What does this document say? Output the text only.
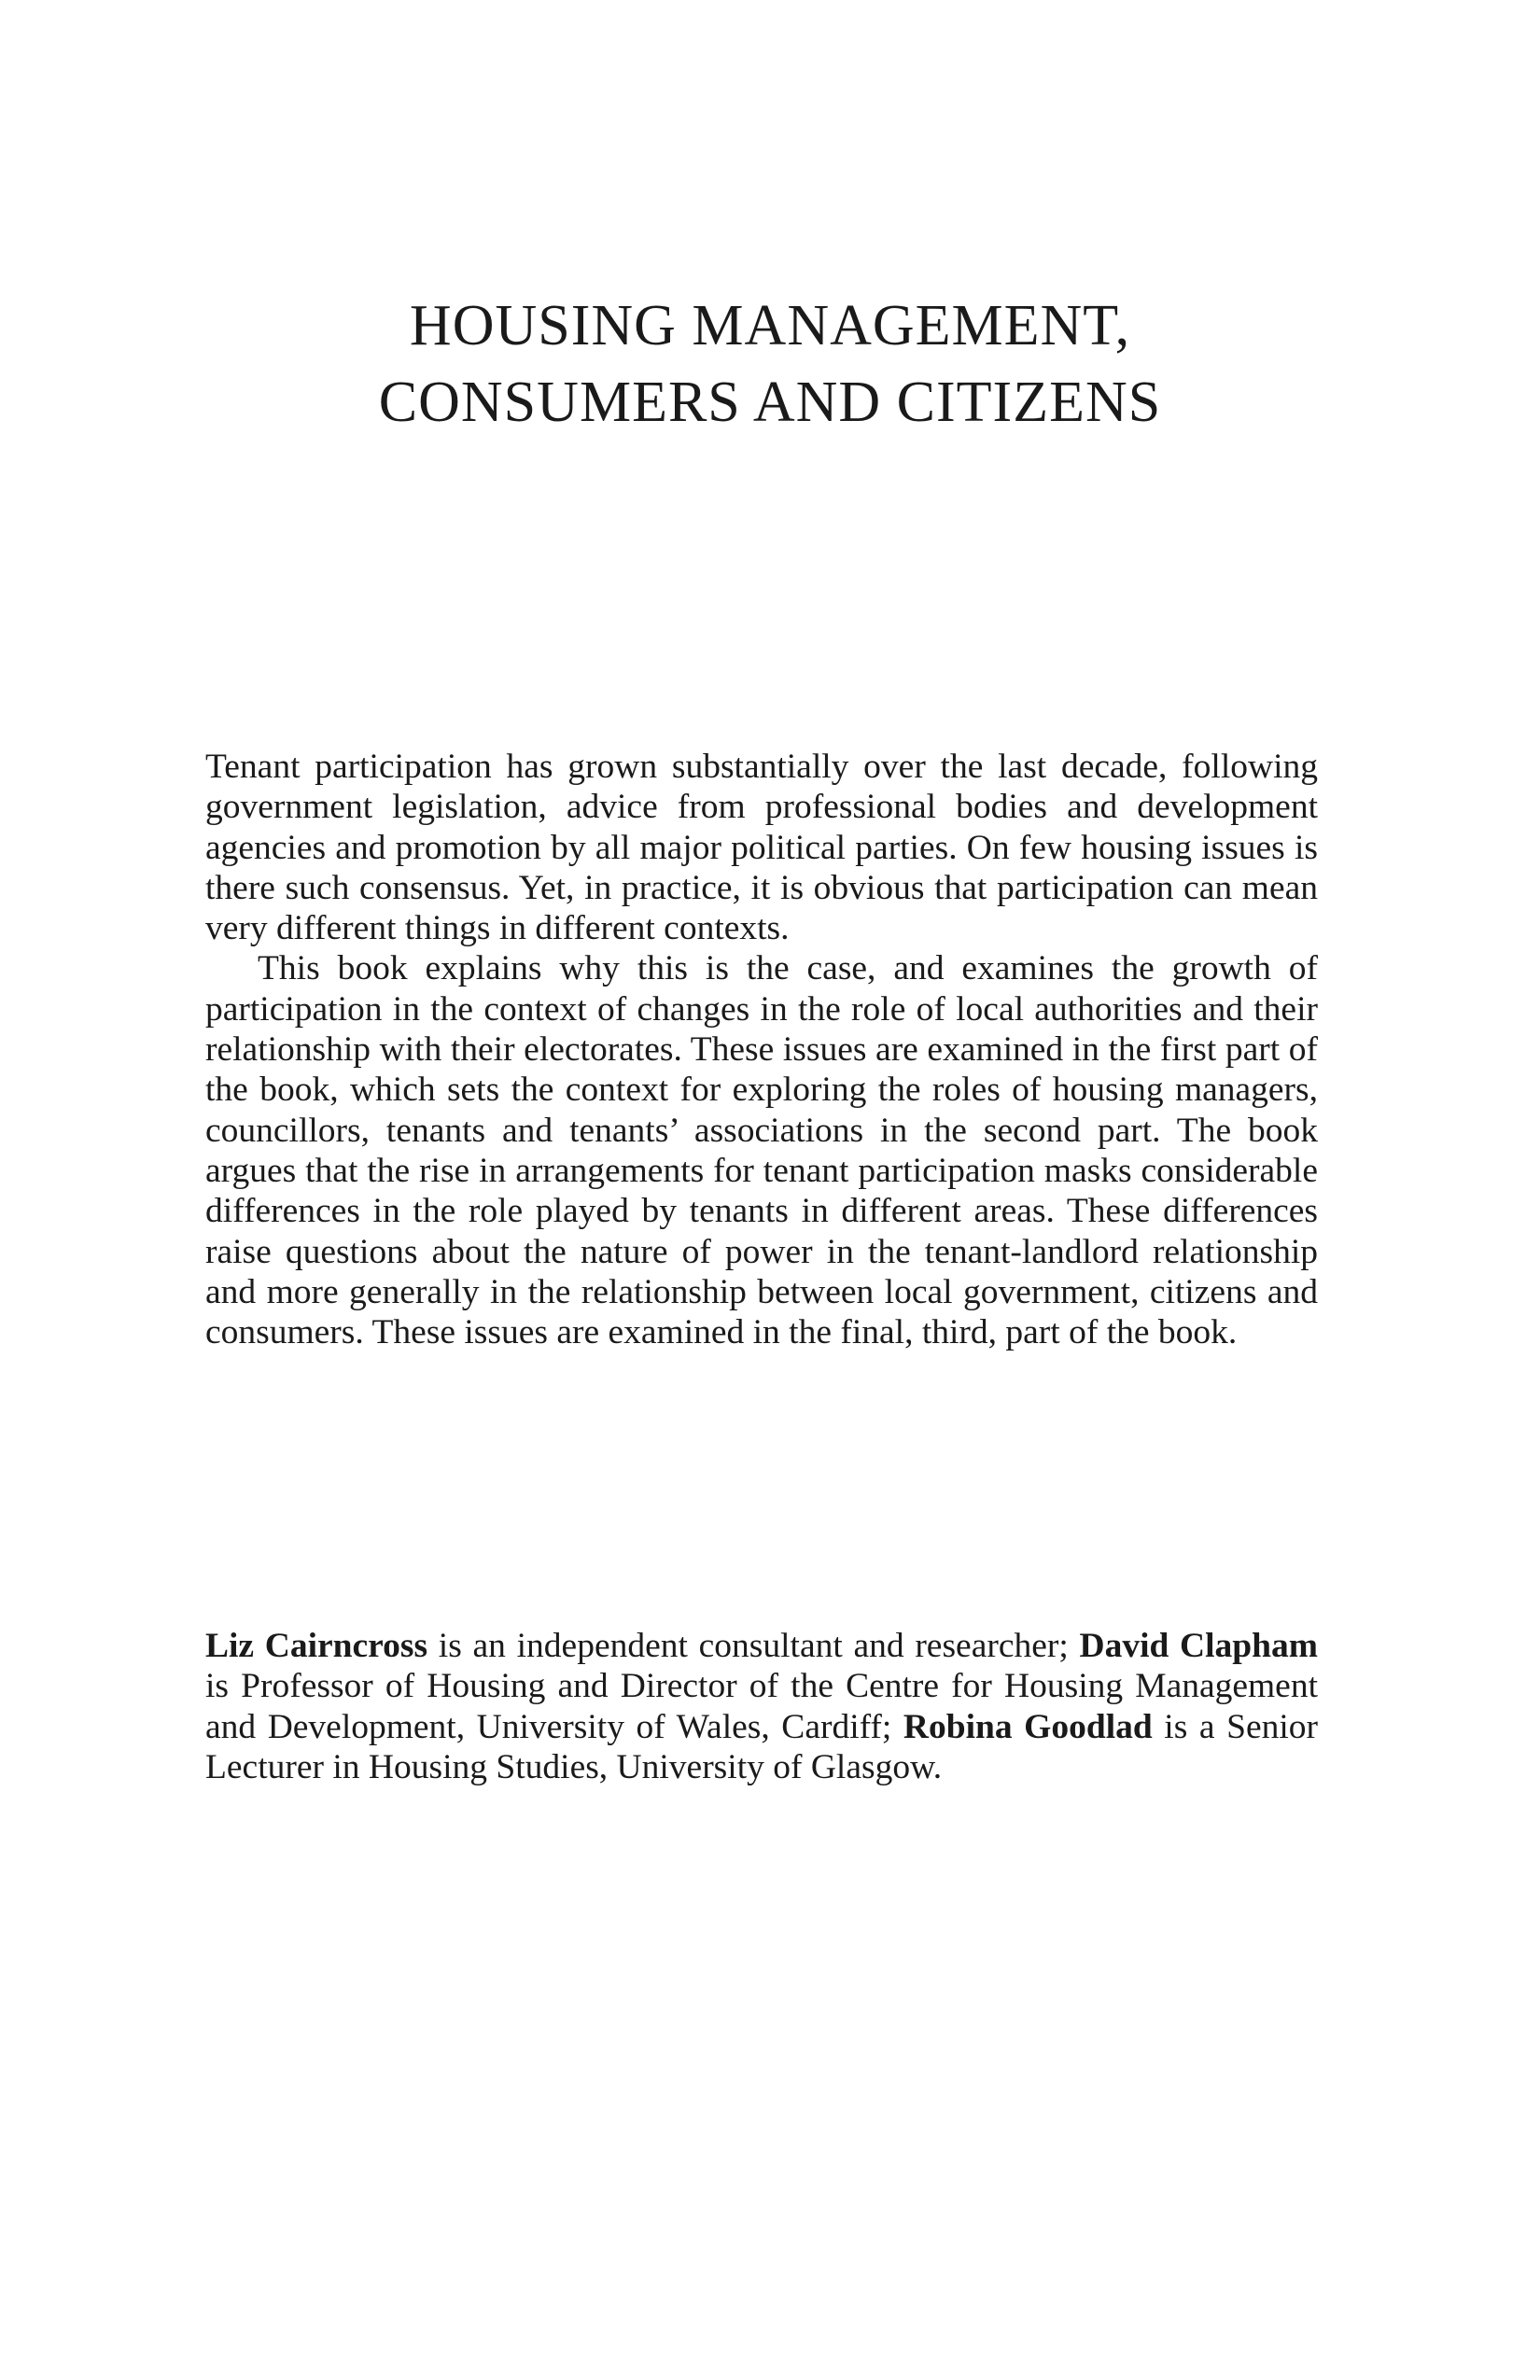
HOUSING MANAGEMENT,
CONSUMERS AND CITIZENS

Tenant participation has grown substantially over the last decade, following government legislation, advice from professional bodies and development agencies and promotion by all major political parties. On few housing issues is there such consensus. Yet, in practice, it is obvious that participation can mean very different things in different contexts.

This book explains why this is the case, and examines the growth of participation in the context of changes in the role of local authorities and their relationship with their electorates. These issues are examined in the first part of the book, which sets the context for exploring the roles of housing managers, councillors, tenants and tenants’ associations in the second part. The book argues that the rise in arrangements for tenant participation masks considerable differences in the role played by tenants in different areas. These differences raise questions about the nature of power in the tenant-landlord relationship and more generally in the relationship between local government, citizens and consumers. These issues are examined in the final, third, part of the book.

Liz Cairncross is an independent consultant and researcher; David Clapham is Professor of Housing and Director of the Centre for Housing Management and Development, University of Wales, Cardiff; Robina Goodlad is a Senior Lecturer in Housing Studies, University of Glasgow.
